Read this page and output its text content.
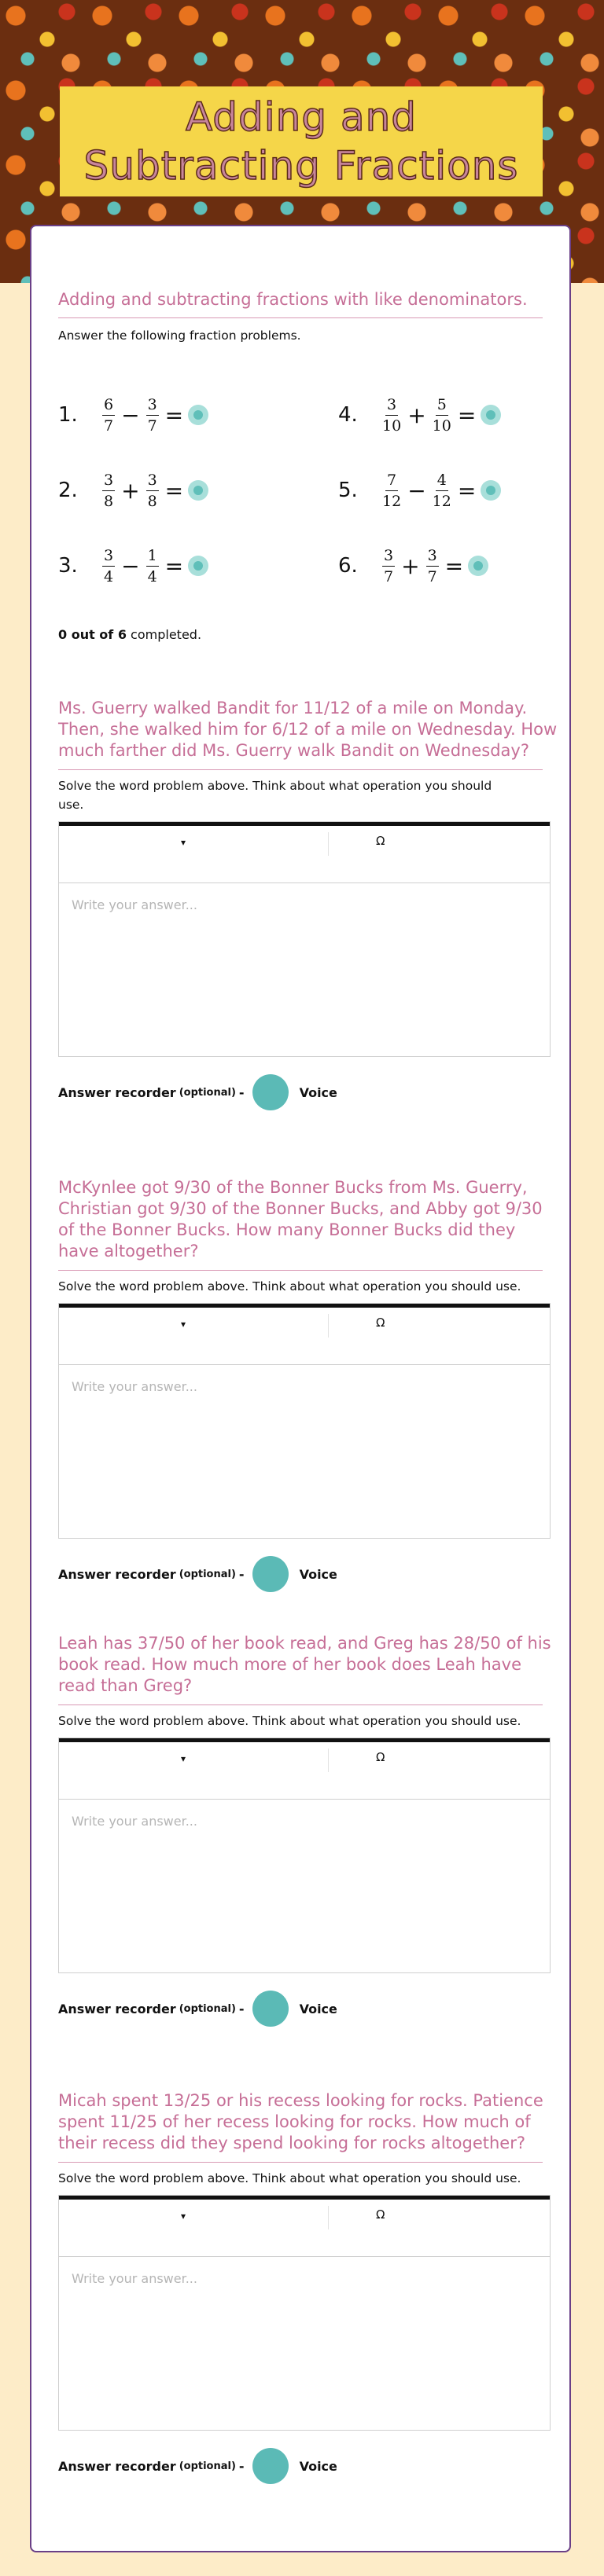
Adding and
Subtracting Fractions
Adding and subtracting fractions with like denominators.
Answer the following fraction problems.
1.	$\frac{6}{7} - \frac{3}{7}$ =	4.	$\frac{3}{10} + \frac{5}{10}$ =
2.	$\frac{3}{8} + \frac{3}{8}$ =	5.	$\frac{7}{12} - \frac{4}{12}$ =
3.	$\frac{3}{4} - \frac{1}{4}$ =	6.	$\frac{3}{7} + \frac{3}{7}$ =
0 out of 6 completed.
Ms. Guerry walked Bandit for 11/12 of a mile on Monday.
Then, she walked him for 6/12 of a mile on Wednesday. How
much farther did Ms. Guerry walk Bandit on Wednesday?
Solve the word problem above. Think about what operation you should
use.
▾	Ω
Write your answer...
Answer recorder (optional) -	Voice
McKynlee got 9/30 of the Bonner Bucks from Ms. Guerry,
Christian got 9/30 of the Bonner Bucks, and Abby got 9/30
of the Bonner Bucks. How many Bonner Bucks did they
have altogether?
Solve the word problem above. Think about what operation you should use.
▾	Ω
Write your answer...
Answer recorder (optional) -	Voice
Leah has 37/50 of her book read, and Greg has 28/50 of his
book read. How much more of her book does Leah have
read than Greg?
Solve the word problem above. Think about what operation you should use.
▾	Ω
Write your answer...
Answer recorder (optional) -	Voice
Micah spent 13/25 or his recess looking for rocks. Patience
spent 11/25 of her recess looking for rocks. How much of
their recess did they spend looking for rocks altogether?
Solve the word problem above. Think about what operation you should use.
▾	Ω
Write your answer...
Answer recorder (optional) -	Voice
